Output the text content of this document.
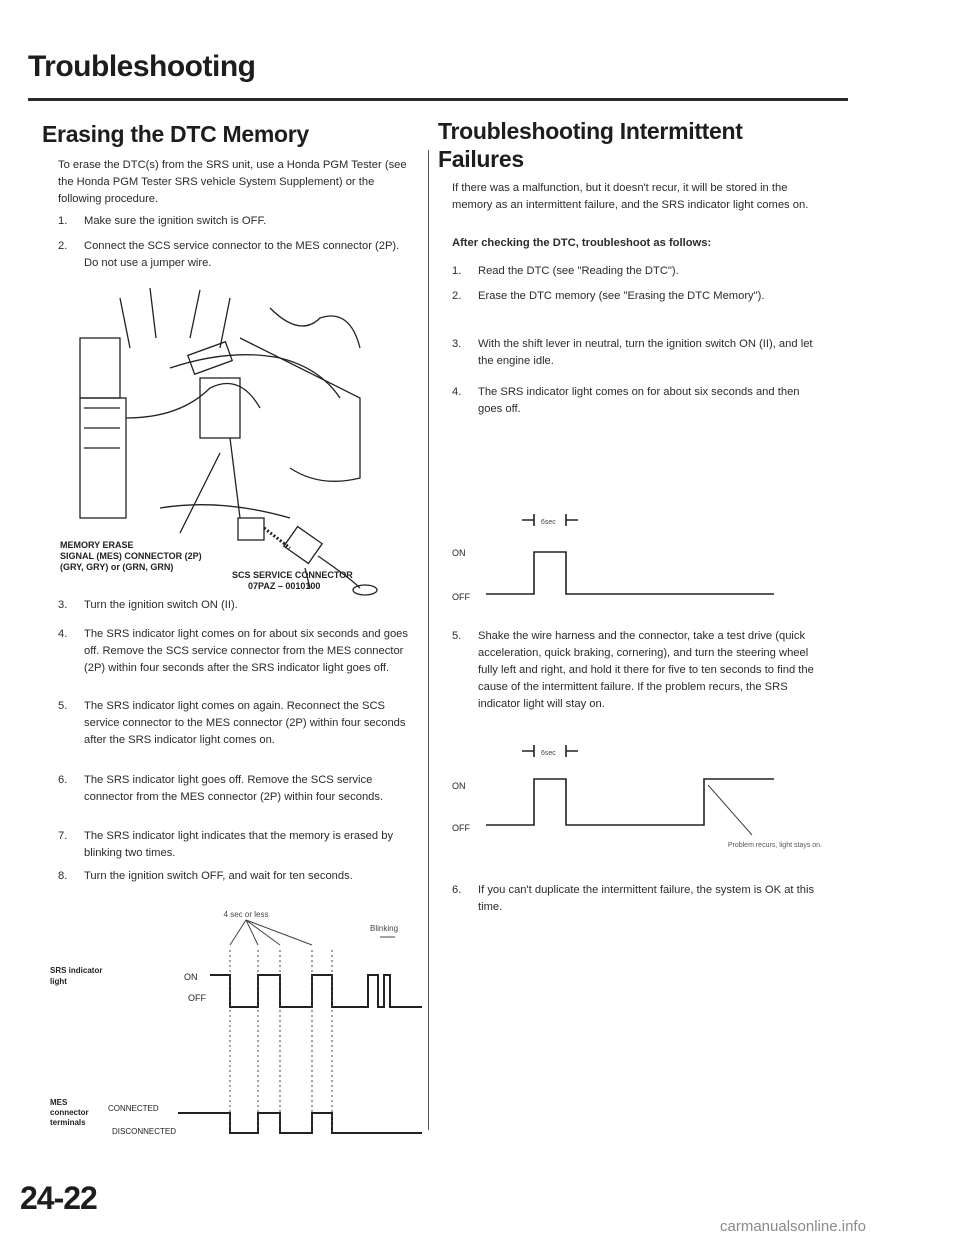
Troubleshooting
Erasing the DTC Memory
To erase the DTC(s) from the SRS unit, use a Honda PGM Tester (see the Honda PGM Tester SRS vehicle System Supplement) or the following procedure.
1.	Make sure the ignition switch is OFF.
2.	Connect the SCS service connector to the MES connector (2P). Do not use a jumper wire.
MEMORY ERASE
SIGNAL (MES) CONNECTOR (2P)
(GRY, GRY) or (GRN, GRN)
SCS SERVICE CONNECTOR
07PAZ – 0010100
3.	Turn the ignition switch ON (II).
4.	The SRS indicator light comes on for about six seconds and goes off. Remove the SCS service connector from the MES connector (2P) within four seconds after the SRS indicator light goes off.
5.	The SRS indicator light comes on again. Reconnect the SCS service connector to the MES connector (2P) within four seconds after the SRS indicator light comes on.
6.	The SRS indicator light goes off. Remove the SCS service connector from the MES connector (2P) within four seconds.
7.	The SRS indicator light indicates that the memory is erased by blinking two times.
8.	Turn the ignition switch OFF, and wait for ten seconds.
4 sec or less
Blinking
SRS indicator
light	ON
OFF
MES
connector
terminals
CONNECTED
DISCONNECTED
Troubleshooting Intermittent
Failures
If there was a malfunction, but it doesn't recur, it will be stored in the memory as an intermittent failure, and the SRS indicator light comes on.
After checking the DTC, troubleshoot as follows:
1.	Read the DTC (see "Reading the DTC").
2.	Erase the DTC memory (see "Erasing the DTC Memory").
3.	With the shift lever in neutral, turn the ignition switch ON (II), and let the engine idle.
4.	The SRS indicator light comes on for about six seconds and then goes off.
6sec
ON
OFF
5.	Shake the wire harness and the connector, take a test drive (quick acceleration, quick braking, cornering), and turn the steering wheel fully left and right, and hold it there for five to ten seconds to find the cause of the intermittent failure. If the problem recurs, the SRS indicator light will stay on.
6sec
ON
OFF
Problem recurs, light stays on.
6.	If you can't duplicate the intermittent failure, the system is OK at this time.
24-22
carmanualsonline.info
